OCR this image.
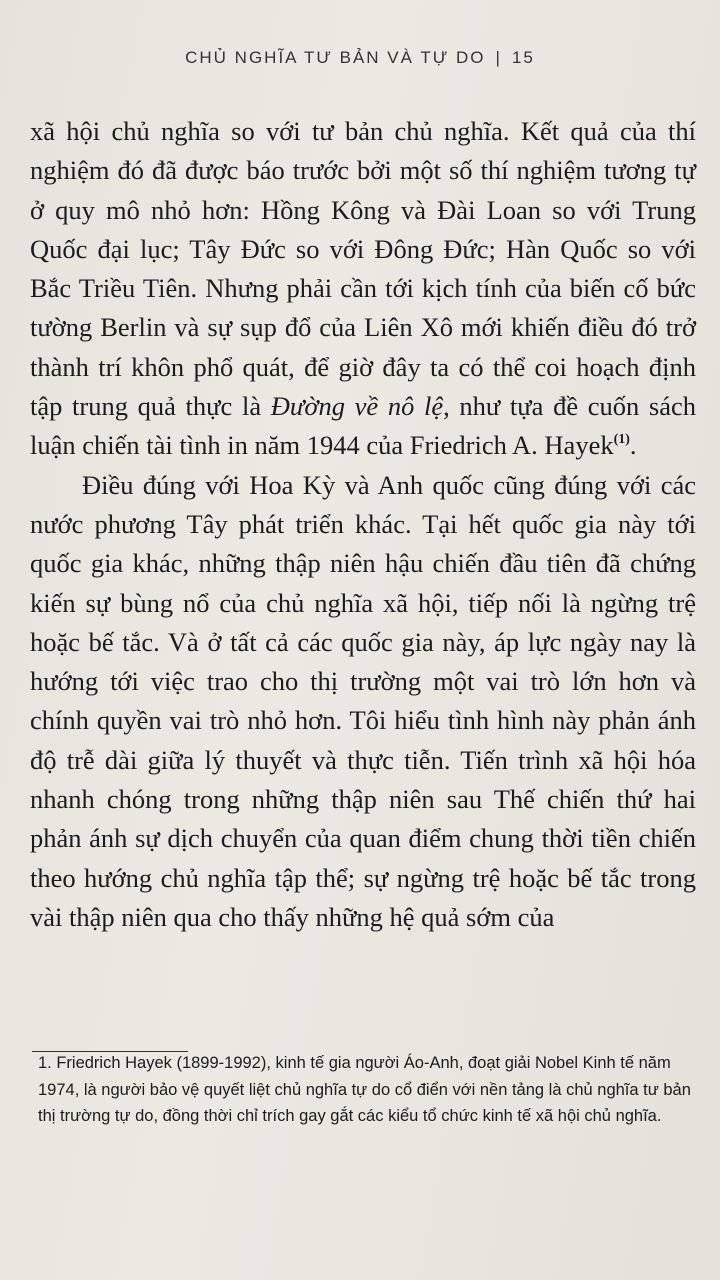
CHỦ NGHĨA TƯ BẢN VÀ TỰ DO | 15

xã hội chủ nghĩa so với tư bản chủ nghĩa. Kết quả của thí nghiệm đó đã được báo trước bởi một số thí nghiệm tương tự ở quy mô nhỏ hơn: Hồng Kông và Đài Loan so với Trung Quốc đại lục; Tây Đức so với Đông Đức; Hàn Quốc so với Bắc Triều Tiên. Nhưng phải cần tới kịch tính của biến cố bức tường Berlin và sự sụp đổ của Liên Xô mới khiến điều đó trở thành trí khôn phổ quát, để giờ đây ta có thể coi hoạch định tập trung quả thực là Đường về nô lệ, như tựa đề cuốn sách luận chiến tài tình in năm 1944 của Friedrich A. Hayek$^{(1)}$.

Điều đúng với Hoa Kỳ và Anh quốc cũng đúng với các nước phương Tây phát triển khác. Tại hết quốc gia này tới quốc gia khác, những thập niên hậu chiến đầu tiên đã chứng kiến sự bùng nổ của chủ nghĩa xã hội, tiếp nối là ngừng trệ hoặc bế tắc. Và ở tất cả các quốc gia này, áp lực ngày nay là hướng tới việc trao cho thị trường một vai trò lớn hơn và chính quyền vai trò nhỏ hơn. Tôi hiểu tình hình này phản ánh độ trễ dài giữa lý thuyết và thực tiễn. Tiến trình xã hội hóa nhanh chóng trong những thập niên sau Thế chiến thứ hai phản ánh sự dịch chuyển của quan điểm chung thời tiền chiến theo hướng chủ nghĩa tập thể; sự ngừng trệ hoặc bế tắc trong vài thập niên qua cho thấy những hệ quả sớm của

1. Friedrich Hayek (1899-1992), kinh tế gia người Áo-Anh, đoạt giải Nobel Kinh tế năm 1974, là người bảo vệ quyết liệt chủ nghĩa tự do cổ điển với nền tảng là chủ nghĩa tư bản thị trường tự do, đồng thời chỉ trích gay gắt các kiểu tổ chức kinh tế xã hội chủ nghĩa.
